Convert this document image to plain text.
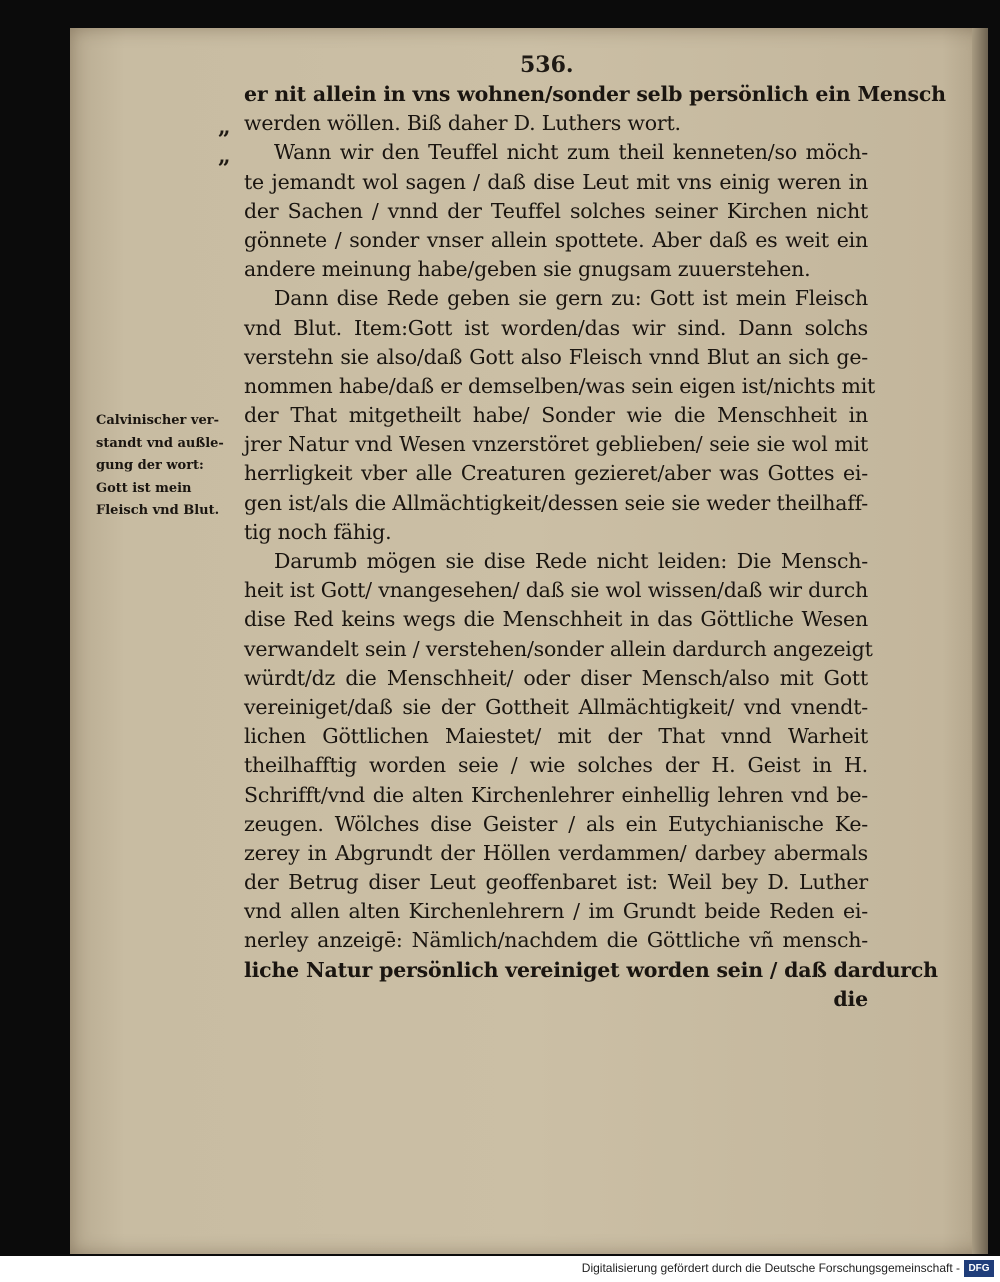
536.
„
„
er nit allein in vns wohnen/sonder selb persönlich ein Mensch
werden wöllen. Biß daher D. Luthers wort.
Wann wir den Teuffel nicht zum theil kenneten/so möch-
te jemandt wol sagen / daß dise Leut mit vns einig weren in
der Sachen / vnnd der Teuffel solches seiner Kirchen nicht
gönnete / sonder vnser allein spottete. Aber daß es weit ein
andere meinung habe/geben sie gnugsam zuuerstehen.
Dann dise Rede geben sie gern zu: Gott ist mein Fleisch
vnd Blut. Item:Gott ist worden/das wir sind. Dann solchs
verstehn sie also/daß Gott also Fleisch vnnd Blut an sich ge-
nommen habe/daß er demselben/was sein eigen ist/nichts mit
der That mitgetheilt habe/ Sonder wie die Menschheit in
jrer Natur vnd Wesen vnzerstöret geblieben/ seie sie wol mit
herrligkeit vber alle Creaturen gezieret/aber was Gottes ei-
gen ist/als die Allmächtigkeit/dessen seie sie weder theilhaff-
tig noch fähig.
Darumb mögen sie dise Rede nicht leiden: Die Mensch-
heit ist Gott/ vnangesehen/ daß sie wol wissen/daß wir durch
dise Red keins wegs die Menschheit in das Göttliche Wesen
verwandelt sein / verstehen/sonder allein dardurch angezeigt
würdt/dz die Menschheit/ oder diser Mensch/also mit Gott
vereiniget/daß sie der Gottheit Allmächtigkeit/ vnd vnendt-
lichen Göttlichen Maiestet/ mit der That vnnd Warheit
theilhafftig worden seie / wie solches der H. Geist in H.
Schrifft/vnd die alten Kirchenlehrer einhellig lehren vnd be-
zeugen. Wölches dise Geister / als ein Eutychianische Ke-
zerey in Abgrundt der Höllen verdammen/ darbey abermals
der Betrug diser Leut geoffenbaret ist: Weil bey D. Luther
vnd allen alten Kirchenlehrern / im Grundt beide Reden ei-
nerley anzeigē: Nämlich/nachdem die Göttliche vñ mensch-
liche Natur persönlich vereiniget worden sein / daß dardurch
die
Calvinischer ver-
standt vnd außle-
gung der wort:
Gott ist mein
Fleisch vnd Blut.
Digitalisierung gefördert durch die Deutsche Forschungsgemeinschaft - DFG
